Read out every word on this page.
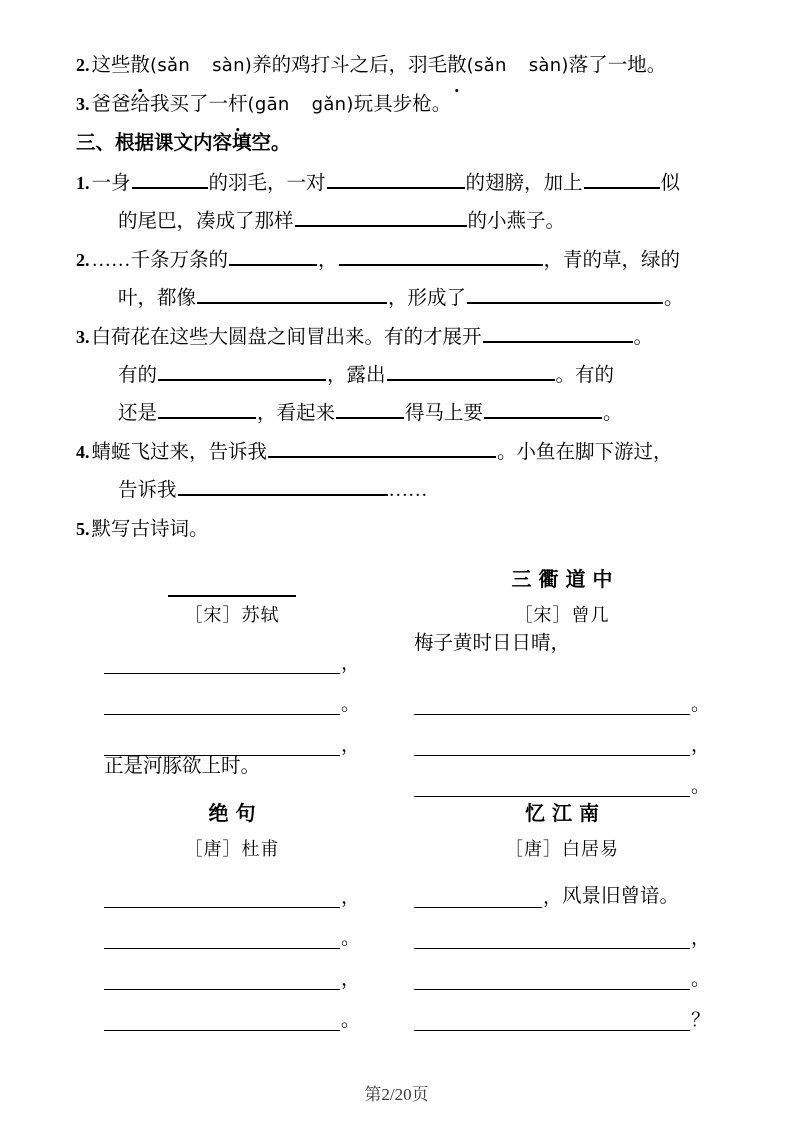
2. 这些 散 (sǎn sàn) 养的鸡打斗之后，羽毛 散 (sǎn sàn) 落了一地。
3. 爸爸给我买了一 杆 (gān gǎn) 玩具步枪。
三、根据课文内容填空。
1. 一身	的羽毛，一对	的翅膀，加上	似
的尾巴，凑成了那样	的小燕子。
2. ……千条万条的	，	，青的草，绿的
叶，都像	，形成了	。
3. 白荷花在这些大圆盘之间冒出来。有的才展开	。
有的	，露出	。有的
还是	，看起来	得马上要	。
4. 蜻蜓飞过来，告诉我	。小鱼在脚下游过，
告诉我	……
5. 默写古诗词。
［宋］苏轼
，
。
，
正是河豚欲上时。
三衢道中
［宋］曾几
梅子黄时日日晴，
。
，
。
绝句
［唐］杜甫
，
。
，
。
忆江南
［唐］白居易
， 风景旧曾谙。
，
。
？
第2/20页
